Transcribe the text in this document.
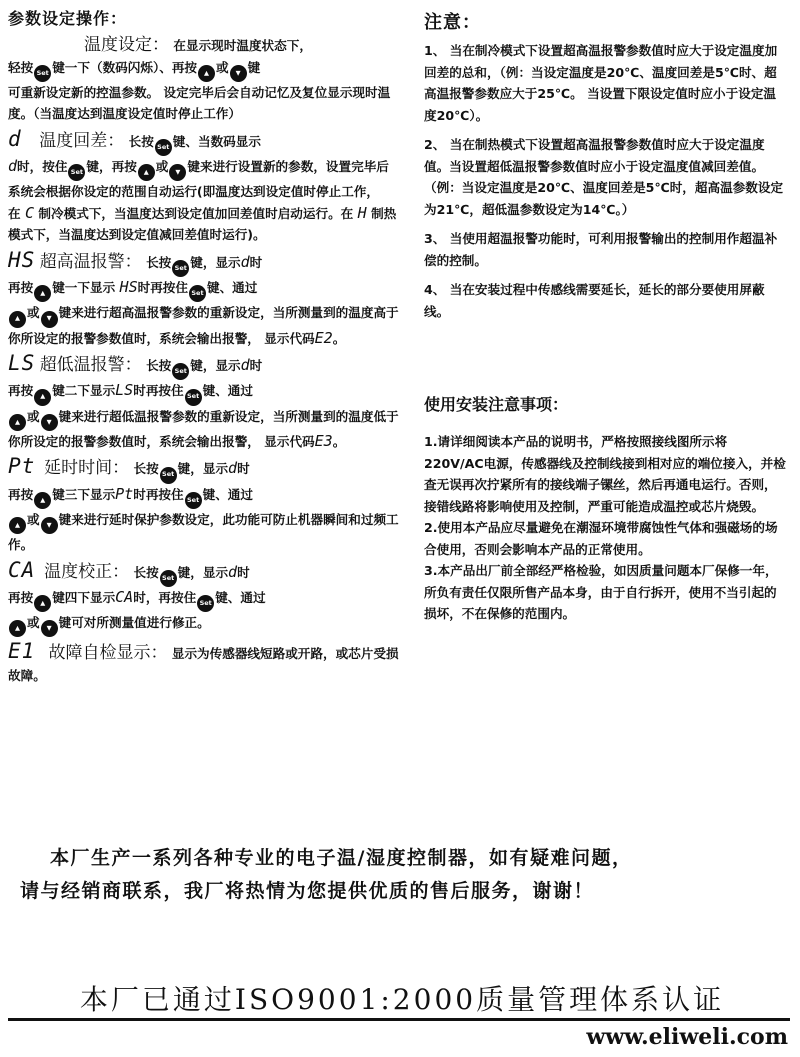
参数设定操作：

温度设定： 在显示现时温度状态下，

轻按 Set 键一下（数码闪烁）、再按 ▲ 或 ▼ 键

可重新设定新的控温参数。 设定完毕后会自动记忆及复位显示现时温度。（当温度达到温度设定值时停止工作）

d 温度回差： 长按 Set 键、当数码显示

d时，按住 Set 键，再按 ▲ 或 ▼ 键来进行设置新的参数，设置完毕后系统会根据你设定的范围自动运行(即温度达到设定值时停止工作，在 C 制冷模式下，当温度达到设定值加回差值时启动运行。在 H 制热模式下，当温度达到设定值减回差值时运行)。

HS 超高温报警： 长按 Set 键，显示d时

再按 ▲ 键一下显示 HS时再按住 Set 键、通过

▲ 或 ▼ 键来进行超高温报警参数的重新设定，当所测量到的温度高于你所设定的报警参数值时，系统会输出报警， 显示代码E2。

LS 超低温报警： 长按 Set 键，显示d时

再按 ▲ 键二下显示LS时再按住 Set 键、通过

▲ 或 ▼ 键来进行超低温报警参数的重新设定，当所测量到的温度低于你所设定的报警参数值时，系统会输出报警， 显示代码E3。

Pt 延时时间： 长按 Set 键，显示d时

再按 ▲ 键三下显示Pt时再按住 Set 键、通过

▲ 或 ▼ 键来进行延时保护参数设定，此功能可防止机器瞬间和过频工作。

CA 温度校正： 长按 Set 键，显示d时

再按 ▲ 键四下显示CA时，再按住 Set 键、通过

▲ 或 ▼ 键可对所测量值进行修正。

E1 故障自检显示： 显示为传感器线短路或开路，或芯片受损故障。

注意：

1、 当在制冷模式下设置超高温报警参数值时应大于设定温度加回差的总和，（例：当设定温度是20℃、温度回差是5℃时、超高温报警参数应大于25℃。 当设置下限设定值时应小于设定温度20℃）。

2、 当在制热模式下设置超高温报警参数值时应大于设定温度值。当设置超低温报警参数值时应小于设定温度值减回差值。（例：当设定温度是20℃、温度回差是5℃时，超高温参数设定为21℃，超低温参数设定为14℃。）

3、 当使用超温报警功能时，可利用报警输出的控制用作超温补偿的控制。

4、 当在安装过程中传感线需要延长，延长的部分要使用屏蔽线。

使用安装注意事项：

1.请详细阅读本产品的说明书，严格按照接线图所示将 220V/AC电源，传感器线及控制线接到相对应的端位接入，并检查无误再次拧紧所有的接线端子镙丝，然后再通电运行。否则，接错线路将影响使用及控制，严重可能造成温控或芯片烧毁。

2.使用本产品应尽量避免在潮湿环境带腐蚀性气体和强磁场的场合使用，否则会影响本产品的正常使用。

3.本产品出厂前全部经严格检验，如因质量问题本厂保修一年，所负有责任仅限所售产品本身，由于自行拆开，使用不当引起的损坏，不在保修的范围内。

本厂生产一系列各种专业的电子温/湿度控制器，如有疑难问题，

请与经销商联系，我厂将热情为您提供优质的售后服务，谢谢！

本厂已通过ISO9001:2000质量管理体系认证
www.eliweli.com
